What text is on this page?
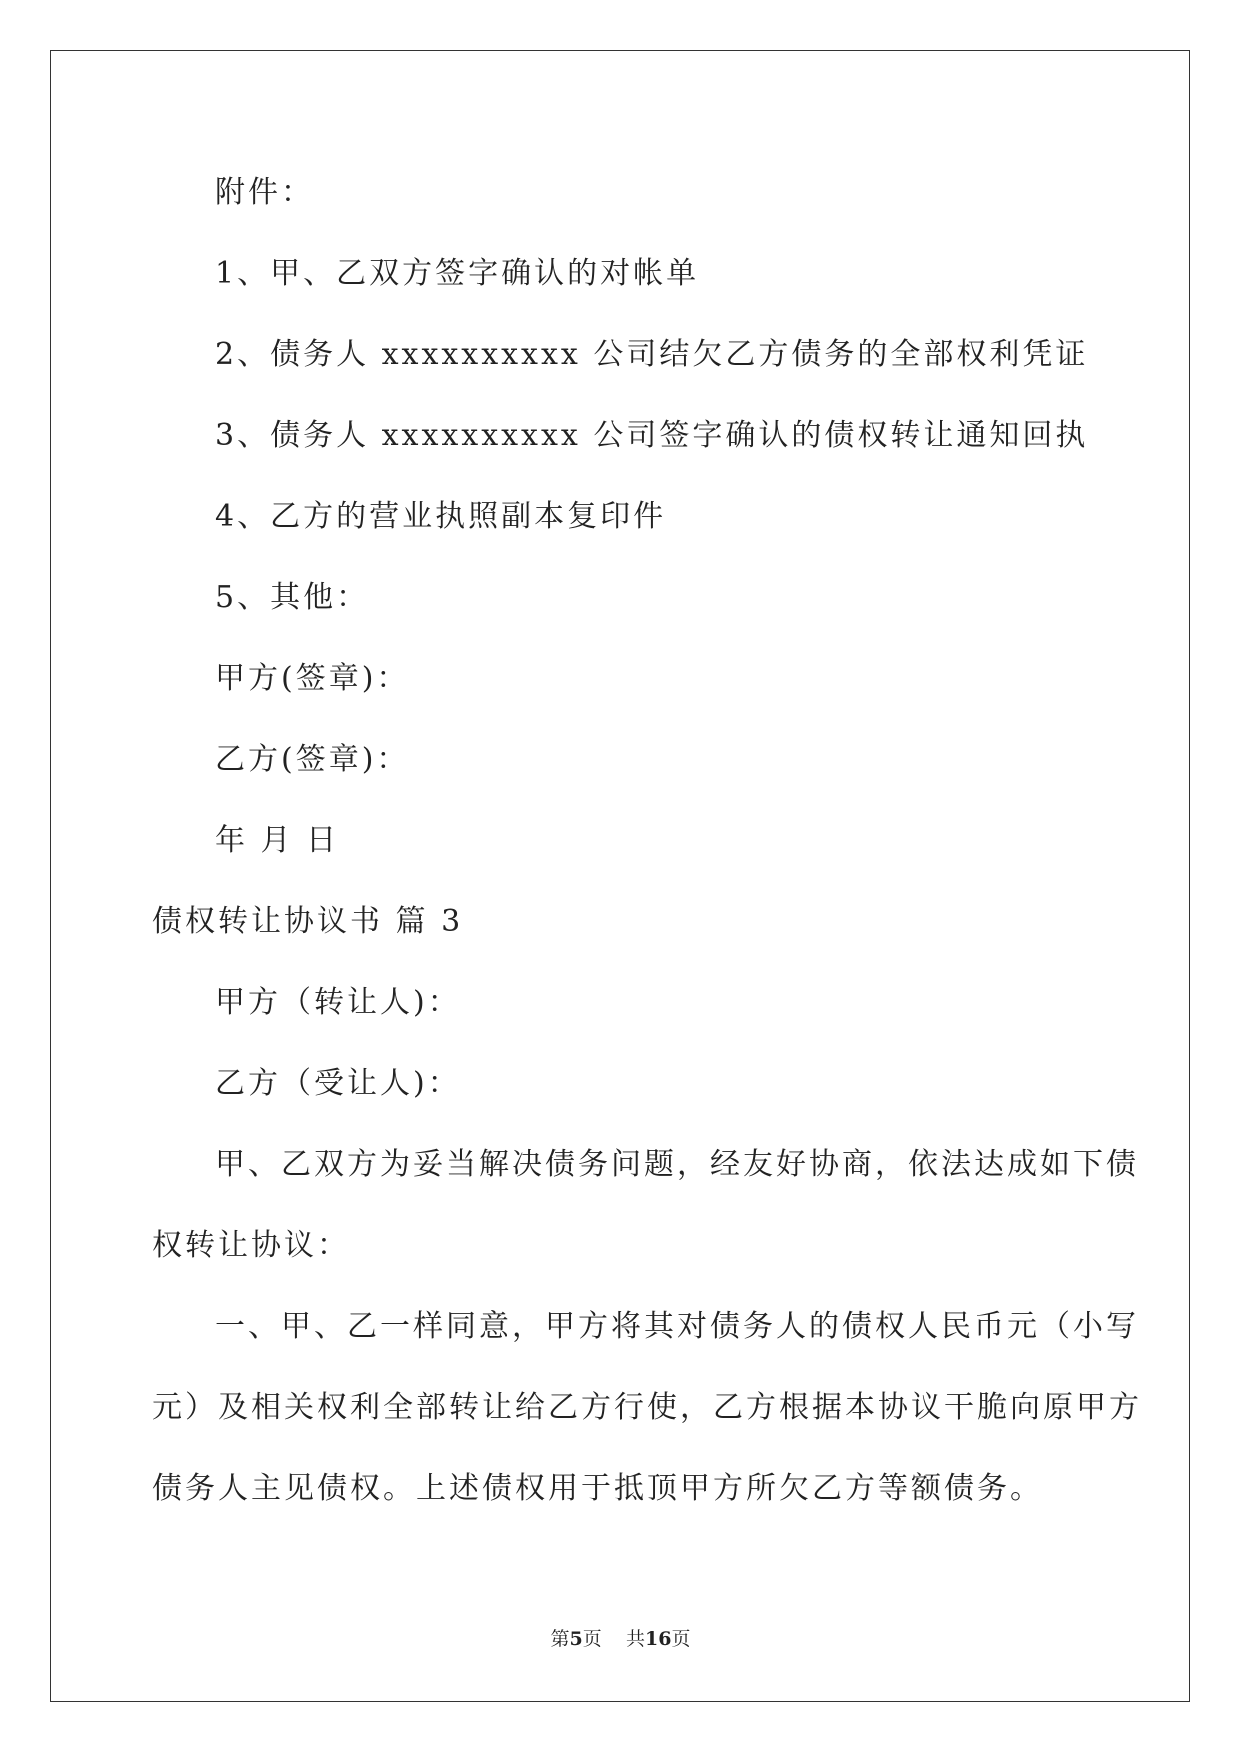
附件：
1、甲、乙双方签字确认的对帐单
2、债务人 xxxxxxxxxx 公司结欠乙方债务的全部权利凭证
3、债务人 xxxxxxxxxx 公司签字确认的债权转让通知回执
4、乙方的营业执照副本复印件
5、其他：
甲方(签章)：
乙方(签章)：
年 月 日
债权转让协议书 篇 3
甲方（转让人)：
乙方（受让人)：
甲、乙双方为妥当解决债务问题，经友好协商，依法达成如下债
权转让协议：
一、甲、乙一样同意，甲方将其对债务人的债权人民币元（小写
元）及相关权利全部转让给乙方行使，乙方根据本协议干脆向原甲方
债务人主见债权。上述债权用于抵顶甲方所欠乙方等额债务。
第5页 共16页
